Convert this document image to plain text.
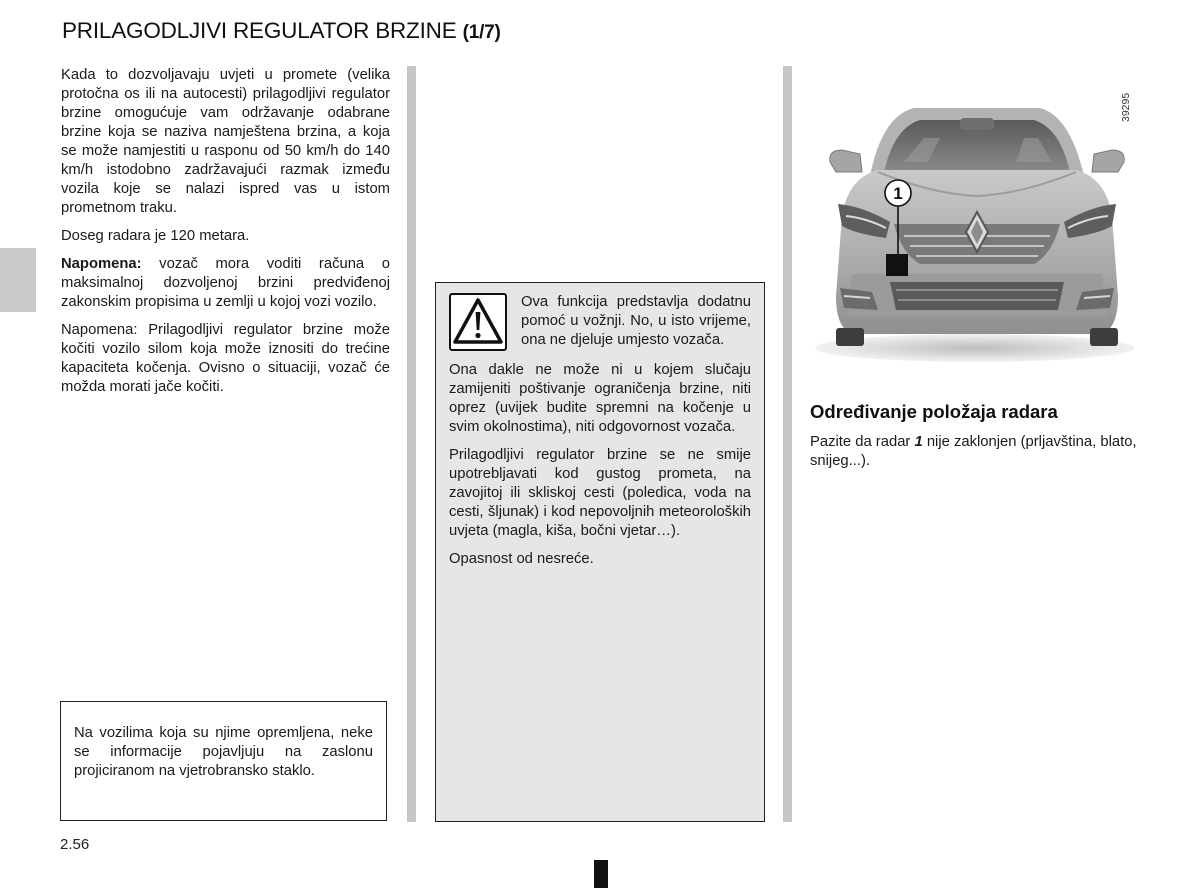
PRILAGODLJIVI REGULATOR BRZINE (1/7)

Kada to dozvoljavaju uvjeti u promete (velika protočna os ili na autocesti) prilagodljivi regulator brzine omogućuje vam održavanje odabrane brzine koja se naziva namještena brzina, a koja se može namjestiti u rasponu od 50 km/h do 140 km/h istodobno zadržavajući razmak između vozila koje se nalazi ispred vas u istom prometnom traku.

Doseg radara je 120 metara.

Napomena: vozač mora voditi računa o maksimalnoj dozvoljenoj brzini predviđenoj zakonskim propisima u zemlji u kojoj vozi vozilo.

Napomena: Prilagodljivi regulator brzine može kočiti vozilo silom koja može iznositi do trećine kapaciteta kočenja. Ovisno o situaciji, vozač će možda morati jače kočiti.

Na vozilima koja su njime opremljena, neke se informacije pojavljuju na zaslonu projiciranom na vjetrobransko staklo.
Ova funkcija predstavlja dodatnu pomoć u vožnji. No, u isto vrijeme, ona ne djeluje umjesto vozača.

Ona dakle ne može ni u kojem slučaju zamijeniti poštivanje ograničenja brzine, niti oprez (uvijek budite spremni na kočenje u svim okolnostima), niti odgovornost vozača.

Prilagodljivi regulator brzine se ne smije upotrebljavati kod gustog prometa, na zavojitoj ili skliskoj cesti (poledica, voda na cesti, šljunak) i kod nepovoljnih meteoroloških uvjeta (magla, kiša, bočni vjetar…).

Opasnost od nesreće.

1
39295
Određivanje položaja radara
Pazite da radar 1 nije zaklonjen (prljavština, blato, snijeg...).
2.56
